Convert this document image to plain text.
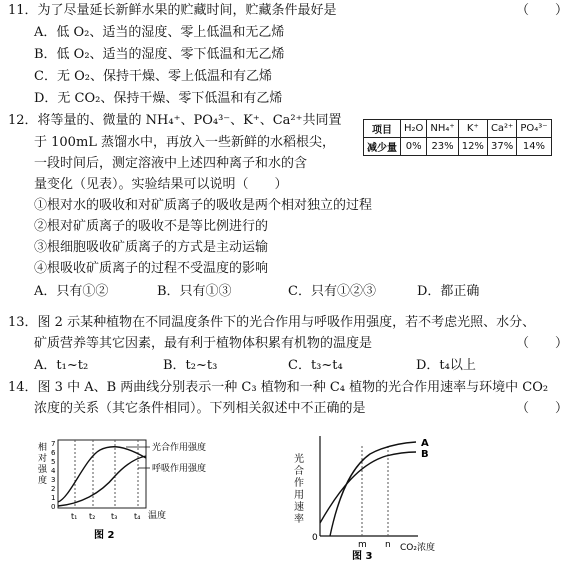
11．为了尽量延长新鲜水果的贮藏时间，贮藏条件最好是	（　　）
A．低 O₂、适当的湿度、零上低温和无乙烯
B．低 O₂、适当的湿度、零下低温和无乙烯
C．无 O₂、保持干燥、零上低温和有乙烯
D．无 CO₂、保持干燥、零下低温和有乙烯
12．将等量的、微量的 NH₄⁺、PO₄³⁻、K⁺、Ca²⁺共同置
于 100mL 蒸馏水中，再放入一些新鲜的水稻根尖，
一段时间后，测定溶液中上述四种离子和水的含
量变化（见表）。实验结果可以说明（　　）
项目	H₂O	NH₄⁺	K⁺	Ca²⁺	PO₄³⁻
减少量	0%	23%	12%	37%	14%
①根对水的吸收和对矿质离子的吸收是两个相对独立的过程
②根对矿质离子的吸收不是等比例进行的
③根细胞吸收矿质离子的方式是主动运输
④根吸收矿质离子的过程不受温度的影响
A．只有①②	B．只有①③	C．只有①②③	D．都正确
13．图 2 示某种植物在不同温度条件下的光合作用与呼吸作用强度，若不考虑光照、水分、
矿质营养等其它因素，最有利于植物体积累有机物的温度是	（　　）
A．t₁~t₂	B．t₂~t₃	C．t₃~t₄	D．t₄以上
14．图 3 中 A、B 两曲线分别表示一种 C₃ 植物和一种 C₄ 植物的光合作用速率与环境中 CO₂
浓度的关系（其它条件相同）。下列相关叙述中不正确的是	（　　）
相
对
强
度
7
6
5
4
3
2
1
0
光合作用强度
呼吸作用强度
t₁ t₂ t₃ t₄ 温度
图 2
光
合
作
用
速
率
0
A
B
m n CO₂浓度
图 3
